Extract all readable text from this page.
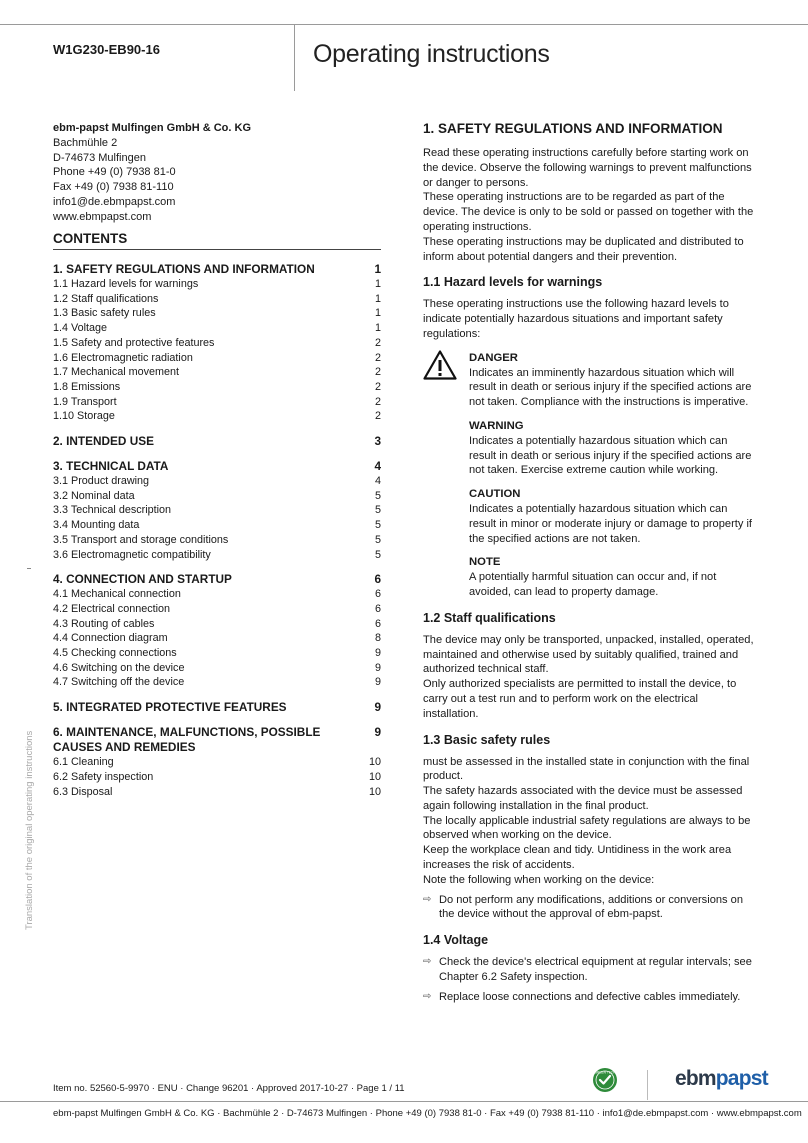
W1G230-EB90-16	Operating instructions
ebm-papst Mulfingen GmbH & Co. KG
Bachmühle 2
D-74673 Mulfingen
Phone +49 (0) 7938 81-0
Fax +49 (0) 7938 81-110
info1@de.ebmpapst.com
www.ebmpapst.com
CONTENTS
1. SAFETY REGULATIONS AND INFORMATION	1
1.1 Hazard levels for warnings	1
1.2 Staff qualifications	1
1.3 Basic safety rules	1
1.4 Voltage	1
1.5 Safety and protective features	2
1.6 Electromagnetic radiation	2
1.7 Mechanical movement	2
1.8 Emissions	2
1.9 Transport	2
1.10 Storage	2
2. INTENDED USE	3
3. TECHNICAL DATA	4
3.1 Product drawing	4
3.2 Nominal data	5
3.3 Technical description	5
3.4 Mounting data	5
3.5 Transport and storage conditions	5
3.6 Electromagnetic compatibility	5
4. CONNECTION AND STARTUP	6
4.1 Mechanical connection	6
4.2 Electrical connection	6
4.3 Routing of cables	6
4.4 Connection diagram	8
4.5 Checking connections	9
4.6 Switching on the device	9
4.7 Switching off the device	9
5. INTEGRATED PROTECTIVE FEATURES	9
6. MAINTENANCE, MALFUNCTIONS, POSSIBLE CAUSES AND REMEDIES
9
6.1 Cleaning	10
6.2 Safety inspection	10
6.3 Disposal	10
Translation of the original operating instructions
1. SAFETY REGULATIONS AND INFORMATION

Read these operating instructions carefully before starting work on the device. Observe the following warnings to prevent malfunctions or danger to persons.

These operating instructions are to be regarded as part of the device. The device is only to be sold or passed on together with the operating instructions.

These operating instructions may be duplicated and distributed to inform about potential dangers and their prevention.

1.1 Hazard levels for warnings

These operating instructions use the following hazard levels to indicate potentially hazardous situations and important safety regulations:

DANGER
Indicates an imminently hazardous situation which will result in death or serious injury if the specified actions are not taken. Compliance with the instructions is imperative.
WARNING
Indicates a potentially hazardous situation which can result in death or serious injury if the specified actions are not taken. Exercise extreme caution while working.
CAUTION
Indicates a potentially hazardous situation which can result in minor or moderate injury or damage to property if the specified actions are not taken.
NOTE
A potentially harmful situation can occur and, if not avoided, can lead to property damage.
1.2 Staff qualifications

The device may only be transported, unpacked, installed, operated, maintained and otherwise used by suitably qualified, trained and authorized technical staff.

Only authorized specialists are permitted to install the device, to carry out a test run and to perform work on the electrical installation.

1.3 Basic safety rules

must be assessed in the installed state in conjunction with the final product.

The safety hazards associated with the device must be assessed again following installation in the final product.

The locally applicable industrial safety regulations are always to be observed when working on the device.

Keep the workplace clean and tidy. Untidiness in the work area increases the risk of accidents.

Note the following when working on the device:

⇨ Do not perform any modifications, additions or conversions on the device without the approval of ebm-papst.
1.4 Voltage
⇨ Check the device's electrical equipment at regular intervals; see Chapter 6.2 Safety inspection.
⇨ Replace loose connections and defective cables immediately.
Item no. 52560-5-9970 · ENU · Change 96201 · Approved 2017-10-27 · Page 1 / 11
GREEN TECH	ebmpapst
ebm-papst Mulfingen GmbH & Co. KG · Bachmühle 2 · D-74673 Mulfingen · Phone +49 (0) 7938 81-0 · Fax +49 (0) 7938 81-110 · info1@de.ebmpapst.com · www.ebmpapst.com
